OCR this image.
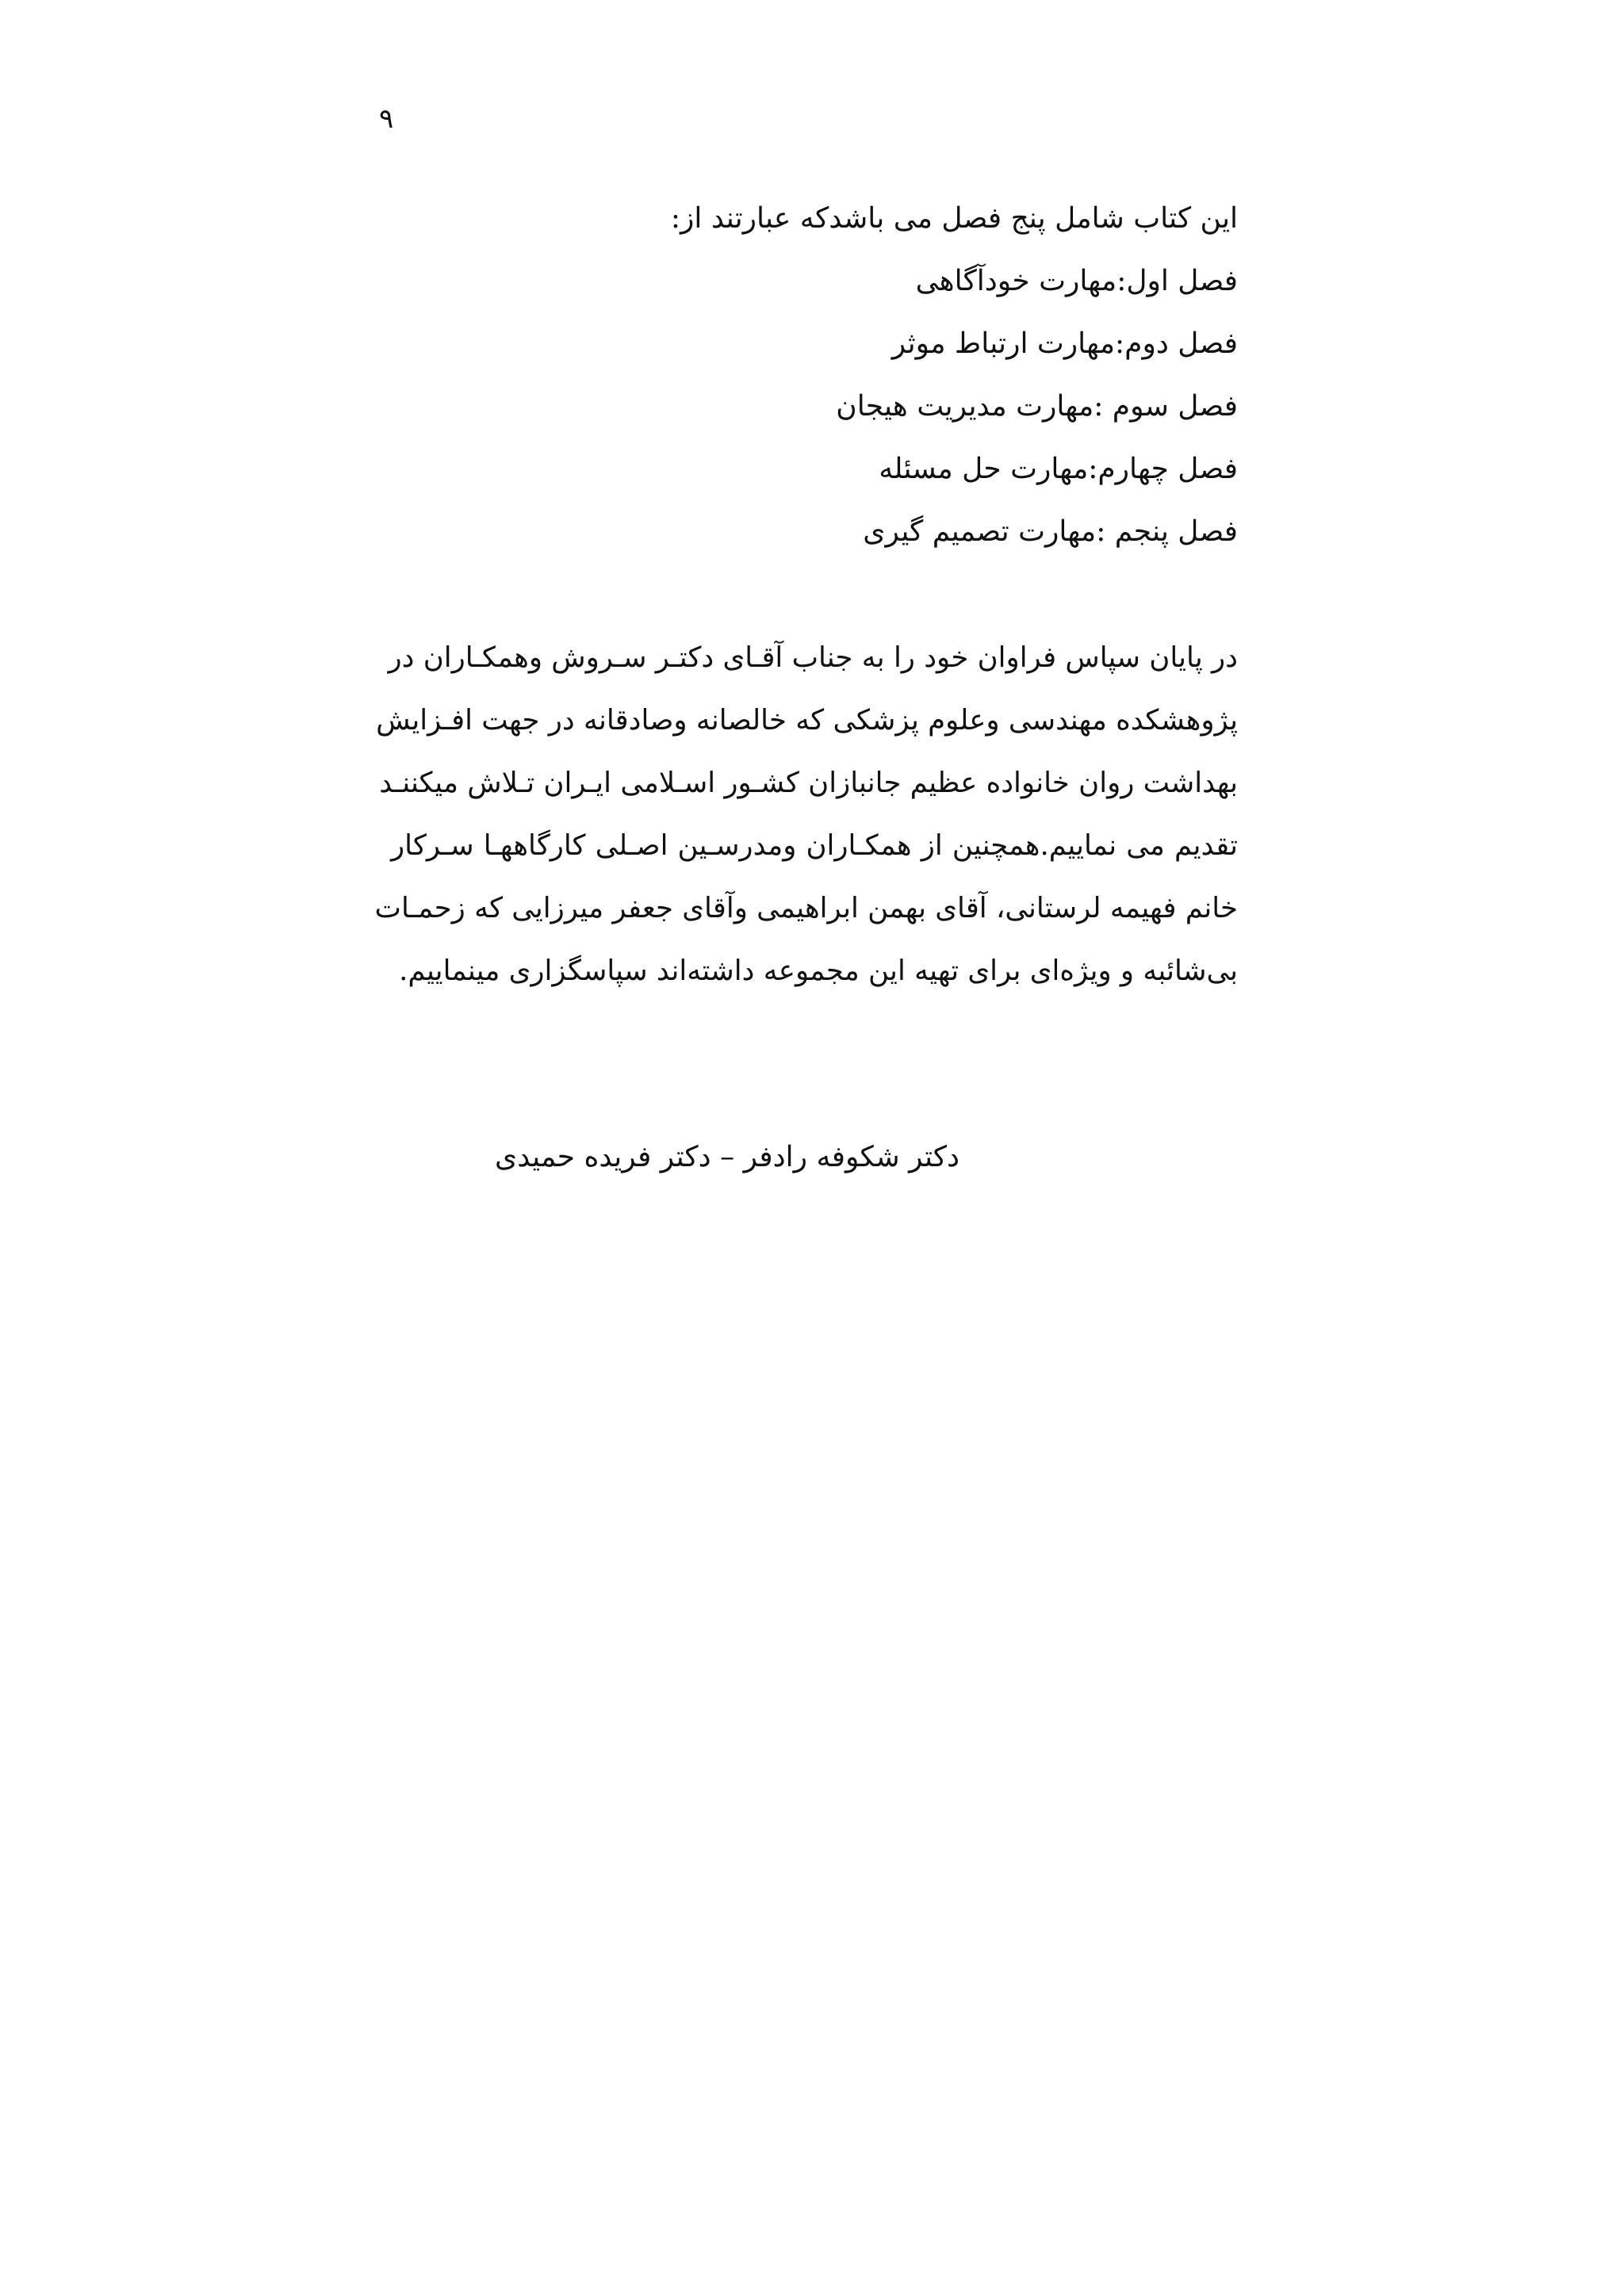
۹
این کتاب شامل پنج فصل می باشدکه عبارتند از:
فصل اول:مهارت خودآگاهی
فصل دوم:مهارت ارتباط موثر
فصل سوم :مهارت مدیریت هیجان
فصل چهارم:مهارت حل مسئله
فصل پنجم :مهارت تصمیم گیری
در پایان سپاس فراوان خود را به جناب آقـای دکتـر سـروش وهمکـاران در
پژوهشکده مهندسی وعلوم پزشکی که خالصانه وصادقانه در جهت افـزایش
بهداشت روان خانواده عظیم جانبازان کشـور اسـلامی ایـران تـلاش میکننـد
تقدیم می نماییم.همچنین از همکـاران ومدرسـین اصـلی کارگاههـا سـرکار
خانم فهیمه لرستانی، آقای بهمن ابراهیمی وآقای جعفر میرزایی که زحمـات
بی‌شائبه و ویژه‌ای برای تهیه این مجموعه داشته‌اند سپاسگزاری مینماییم.
دکتر شکوفه رادفر – دکتر فریده حمیدی
